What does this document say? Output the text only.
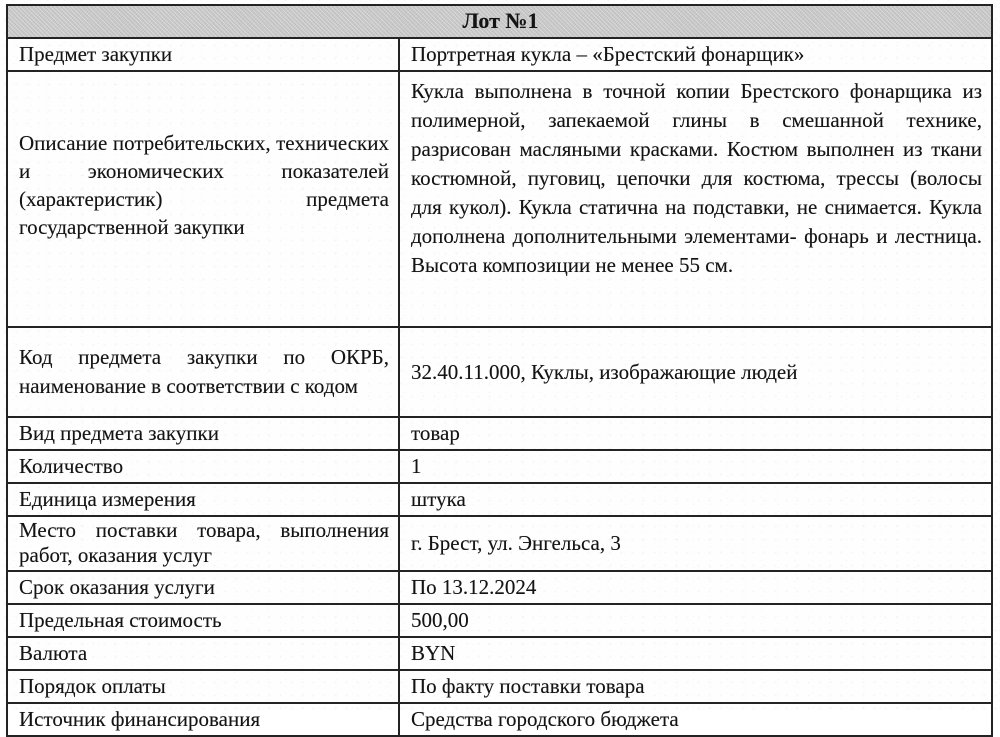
Лот №1	
Предмет закупки	Портретная кукла – «Брестский фонарщик»
Описание потребительских, технических и экономических показателей (характеристик) предмета государственной закупки	Кукла выполнена в точной копии Брестского фонарщика из полимерной, запекаемой глины в смешанной технике, разрисован масляными красками. Костюм выполнен из ткани костюмной, пуговиц, цепочки для костюма, трессы (волосы для кукол). Кукла статична на подставки, не снимается. Кукла дополнена дополнительными элементами- фонарь и лестница. Высота композиции не менее 55 см.
Код предмета закупки по ОКРБ, наименование в соответствии с кодом	32.40.11.000, Куклы, изображающие людей
Вид предмета закупки	товар
Количество	1
Единица измерения	штука
Место поставки товара, выполнения работ, оказания услуг	г. Брест, ул. Энгельса, 3
Срок оказания услуги	По 13.12.2024
Предельная стоимость	500,00
Валюта	BYN
Порядок оплаты	По факту поставки товара
Источник финансирования	Средства городского бюджета
